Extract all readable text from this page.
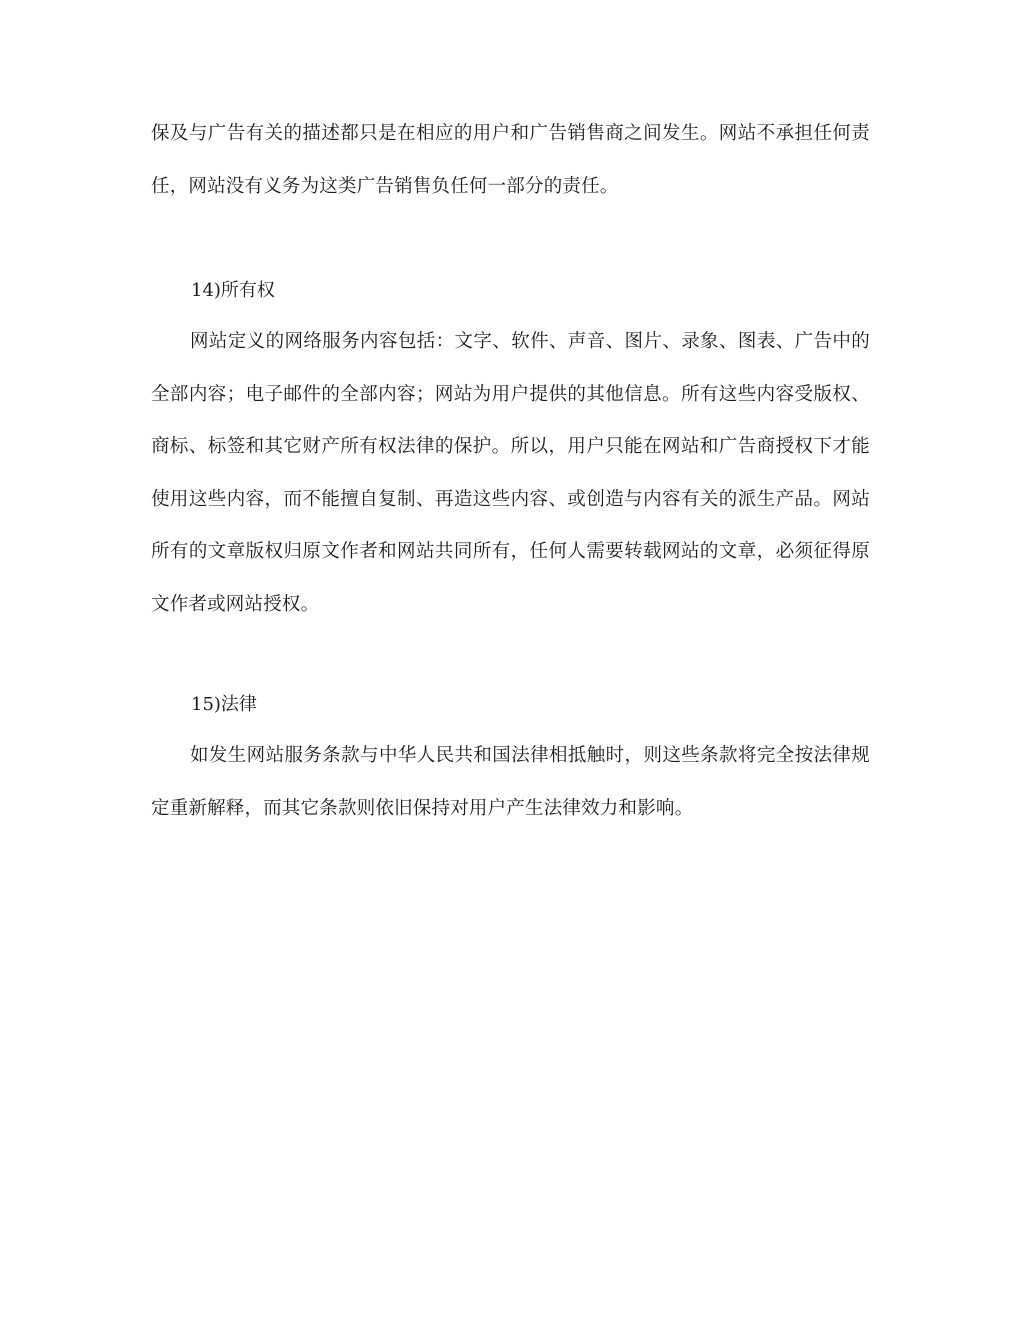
保及与广告有关的描述都只是在相应的用户和广告销售商之间发生。网站不承担任何责任，网站没有义务为这类广告销售负任何一部分的责任。

14)所有权

网站定义的网络服务内容包括：文字、软件、声音、图片、录象、图表、广告中的全部内容；电子邮件的全部内容；网站为用户提供的其他信息。所有这些内容受版权、商标、标签和其它财产所有权法律的保护。所以，用户只能在网站和广告商授权下才能使用这些内容，而不能擅自复制、再造这些内容、或创造与内容有关的派生产品。网站所有的文章版权归原文作者和网站共同所有，任何人需要转载网站的文章，必须征得原文作者或网站授权。

15)法律

如发生网站服务条款与中华人民共和国法律相抵触时，则这些条款将完全按法律规定重新解释，而其它条款则依旧保持对用户产生法律效力和影响。
